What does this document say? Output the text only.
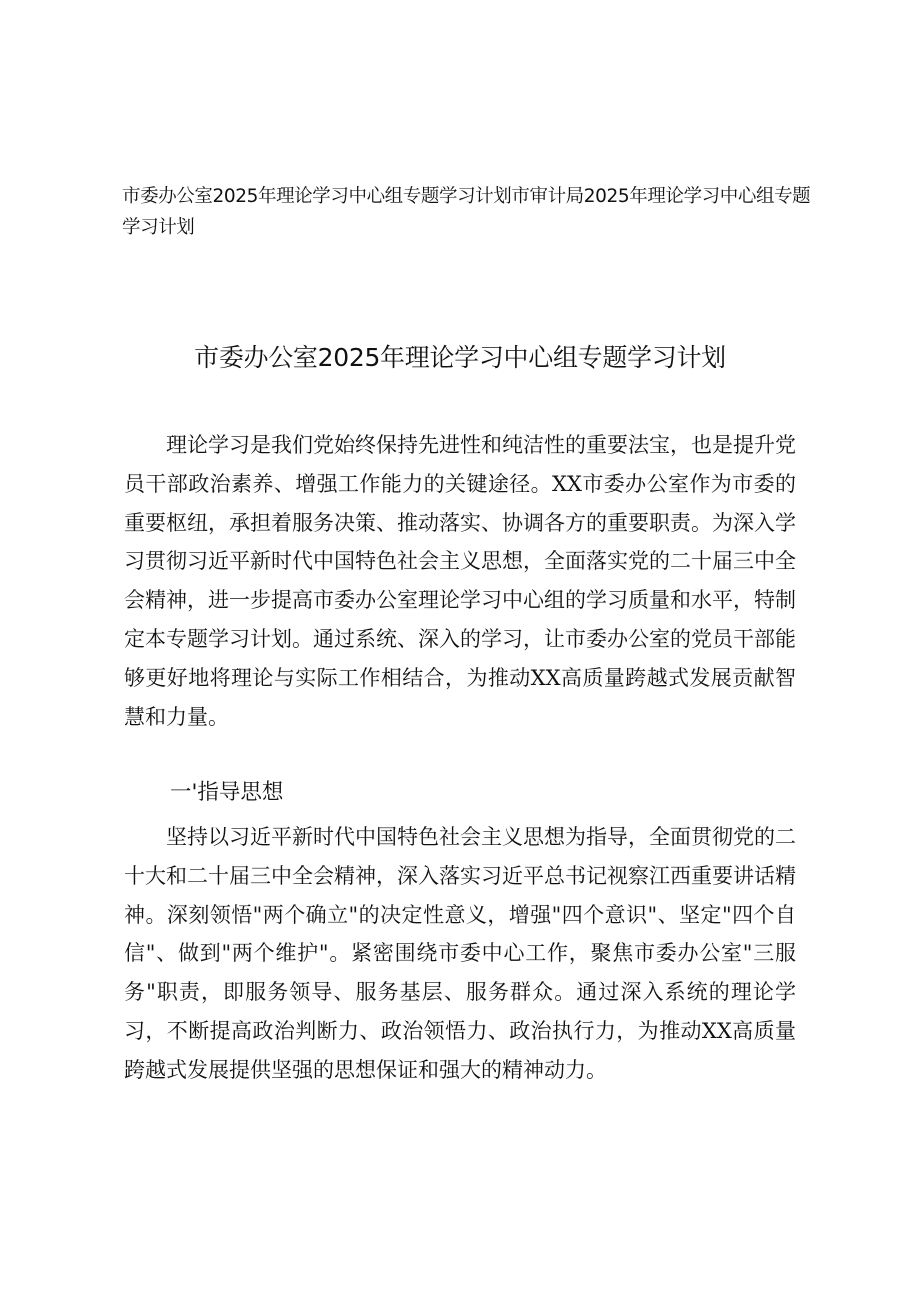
市委办公室2025年理论学习中心组专题学习计划市审计局2025年理论学习中心组专题学习计划
市委办公室2025年理论学习中心组专题学习计划

理论学习是我们党始终保持先进性和纯洁性的重要法宝，也是提升党员干部政治素养、增强工作能力的关键途径。XX市委办公室作为市委的重要枢纽，承担着服务决策、推动落实、协调各方的重要职责。为深入学习贯彻习近平新时代中国特色社会主义思想，全面落实党的二十届三中全会精神，进一步提高市委办公室理论学习中心组的学习质量和水平，特制定本专题学习计划。通过系统、深入的学习，让市委办公室的党员干部能够更好地将理论与实际工作相结合，为推动XX高质量跨越式发展贡献智慧和力量。

一'指导思想

坚持以习近平新时代中国特色社会主义思想为指导，全面贯彻党的二十大和二十届三中全会精神，深入落实习近平总书记视察江西重要讲话精神。深刻领悟"两个确立"的决定性意义，增强"四个意识"、坚定"四个自信"、做到"两个维护"。紧密围绕市委中心工作，聚焦市委办公室"三服务"职责，即服务领导、服务基层、服务群众。通过深入系统的理论学习，不断提高政治判断力、政治领悟力、政治执行力，为推动XX高质量跨越式发展提供坚强的思想保证和强大的精神动力。
